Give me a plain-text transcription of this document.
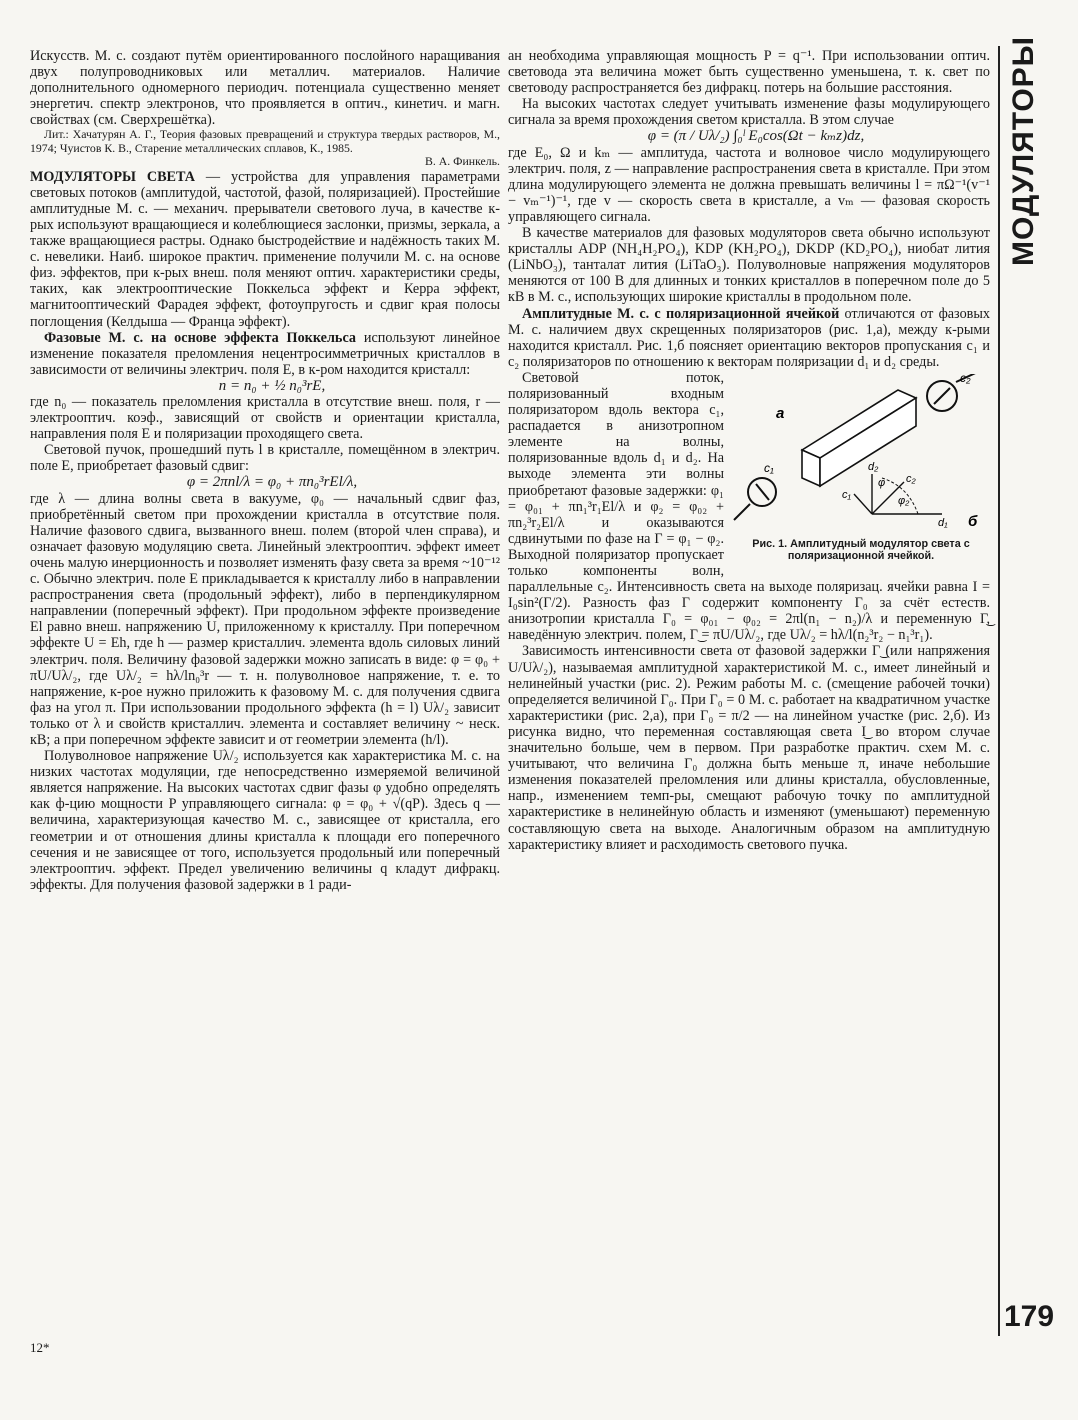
Искусств. М. с. создают путём ориентированного послойного наращивания двух полупроводниковых или металлич. материалов. Наличие дополнительного одномерного периодич. потенциала существенно меняет энергетич. спектр электронов, что проявляется в оптич., кинетич. и магн. свойствах (см. Сверхрешётка).

Лит.: Хачатурян А. Г., Теория фазовых превращений и структура твердых растворов, М., 1974; Чуистов К. В., Старение металлических сплавов, К., 1985.

В. А. Финкель.

МОДУЛЯТОРЫ СВЕТА — устройства для управления параметрами световых потоков (амплитудой, частотой, фазой, поляризацией). Простейшие амплитудные М. с. — механич. прерыватели светового луча, в качестве к-рых используют вращающиеся и колеблющиеся заслонки, призмы, зеркала, а также вращающиеся растры. Однако быстродействие и надёжность таких М. с. невелики. Наиб. широкое практич. применение получили М. с. на основе физ. эффектов, при к-рых внеш. поля меняют оптич. характеристики среды, таких, как электрооптические Поккельса эффект и Керра эффект, магнитооптический Фарадея эффект, фотоупругость и сдвиг края полосы поглощения (Келдыша — Франца эффект).

Фазовые М. с. на основе эффекта Поккельса используют линейное изменение показателя преломления нецентросимметричных кристаллов в зависимости от величины электрич. поля E, в к-ром находится кристалл:

n = n₀ + ½ n₀³rE,

где n₀ — показатель преломления кристалла в отсутствие внеш. поля, r — электрооптич. коэф., зависящий от свойств и ориентации кристалла, направления поля E и поляризации проходящего света.

Световой пучок, прошедший путь l в кристалле, помещённом в электрич. поле E, приобретает фазовый сдвиг:

φ = 2πnl/λ = φ₀ + πn₀³rEl/λ,

где λ — длина волны света в вакууме, φ₀ — начальный сдвиг фаз, приобретённый светом при прохождении кристалла в отсутствие поля. Наличие фазового сдвига, вызванного внеш. полем (второй член справа), и означает фазовую модуляцию света. Линейный электрооптич. эффект имеет очень малую инерционность и позволяет изменять фазу света за время ~10⁻¹² с. Обычно электрич. поле E прикладывается к кристаллу либо в направлении распространения света (продольный эффект), либо в перпендикулярном направлении (поперечный эффект). При продольном эффекте произведение El равно внеш. напряжению U, приложенному к кристаллу. При поперечном эффекте U = Eh, где h — размер кристаллич. элемента вдоль силовых линий электрич. поля. Величину фазовой задержки можно записать в виде: φ = φ₀ + πU/Uλ/₂, где Uλ/₂ = hλ/ln₀³r — т. н. полуволновое напряжение, т. е. то напряжение, к-рое нужно приложить к фазовому М. с. для получения сдвига фаз на угол π. При использовании продольного эффекта (h = l) Uλ/₂ зависит только от λ и свойств кристаллич. элемента и составляет величину ~ неск. кВ; а при поперечном эффекте зависит и от геометрии элемента (h/l).

Полуволновое напряжение Uλ/₂ используется как характеристика М. с. на низких частотах модуляции, где непосредственно измеряемой величиной является напряжение. На высоких частотах сдвиг фазы φ удобно определять как ф-цию мощности P управляющего сигнала: φ = φ₀ + √(qP). Здесь q — величина, характеризующая качество М. с., зависящее от кристалла, его геометрии и от отношения длины кристалла к площади его поперечного сечения и не зависящее от того, используется продольный или поперечный электрооптич. эффект. Предел увеличению величины q кладут дифракц. эффекты. Для получения фазовой задержки в 1 ради-

ан необходима управляющая мощность P = q⁻¹. При использовании оптич. световода эта величина может быть существенно уменьшена, т. к. свет по световоду распространяется без дифракц. потерь на большие расстояния.

На высоких частотах следует учитывать изменение фазы модулирующего сигнала за время прохождения светом кристалла. В этом случае

φ = (π / Uλ/₂) ∫₀ˡ E₀cos(Ωt − kₘz)dz,

где E₀, Ω и kₘ — амплитуда, частота и волновое число модулирующего электрич. поля, z — направление распространения света в кристалле. При этом длина модулирующего элемента не должна превышать величины l = πΩ⁻¹(v⁻¹ − vₘ⁻¹)⁻¹, где v — скорость света в кристалле, а vₘ — фазовая скорость управляющего сигнала.

В качестве материалов для фазовых модуляторов света обычно используют кристаллы ADP (NH₄H₂PO₄), KDP (KH₂PO₄), DKDP (KD₂PO₄), ниобат лития (LiNbO₃), танталат лития (LiTaO₃). Полуволновые напряжения модуляторов меняются от 100 В для длинных и тонких кристаллов в поперечном поле до 5 кВ в М. с., использующих широкие кристаллы в продольном поле.

Амплитудные М. с. с поляризационной ячейкой отличаются от фазовых М. с. наличием двух скрещенных поляризаторов (рис. 1,а), между к-рыми находится кристалл. Рис. 1,б поясняет ориентацию векторов пропускания c₁ и c₂ поляризаторов по отношению к векторам поляризации d₁ и d₂ среды.

c₂
а
c₁	d₂
φ
c₁
c₂
φ₂
d₁ б
Рис. 1. Амплитудный модулятор света с поляризационной ячейкой.

Световой поток, поляризованный входным поляризатором вдоль вектора c₁, распадается в анизотропном элементе на волны, поляризованные вдоль d₁ и d₂. На выходе элемента эти волны приобретают фазовые задержки: φ₁ = φ₀₁ + πn₁³r₁El/λ и φ₂ = φ₀₂ + πn₂³r₂El/λ и оказываются сдвинутыми по фазе на Γ = φ₁ − φ₂. Выходной поляризатор пропускает только компоненты волн, параллельные c₂. Интенсивность света на выходе поляризац. ячейки равна I = I₀sin²(Γ/2). Разность фаз Γ содержит компоненту Γ₀ за счёт естеств. анизотропии кристалла Γ₀ = φ₀₁ − φ₀₂ = 2πl(n₁ − n₂)/λ и переменную Γ͜, наведённую электрич. полем, Γ͜ = πU/Uλ/₂, где Uλ/₂ = hλ/l(n₂³r₂ − n₁³r₁).

Зависимость интенсивности света от фазовой задержки Γ͜ (или напряжения U/Uλ/₂), называемая амплитудной характеристикой М. с., имеет линейный и нелинейный участки (рис. 2). Режим работы М. с. (смещение рабочей точки) определяется величиной Γ₀. При Γ₀ = 0 М. с. работает на квадратичном участке характеристики (рис. 2,а), при Γ₀ = π/2 — на линейном участке (рис. 2,б). Из рисунка видно, что переменная составляющая света I͜ во втором случае значительно больше, чем в первом. При разработке практич. схем М. с. учитывают, что величина Γ₀ должна быть меньше π, иначе небольшие изменения показателей преломления или длины кристалла, обусловленные, напр., изменением темп-ры, смещают рабочую точку по амплитудной характеристике в нелинейную область и изменяют (уменьшают) переменную составляющую света на выходе. Аналогичным образом на амплитудную характеристику влияет и расходимость светового пучка.

МОДУЛЯТОРЫ
179
12*
